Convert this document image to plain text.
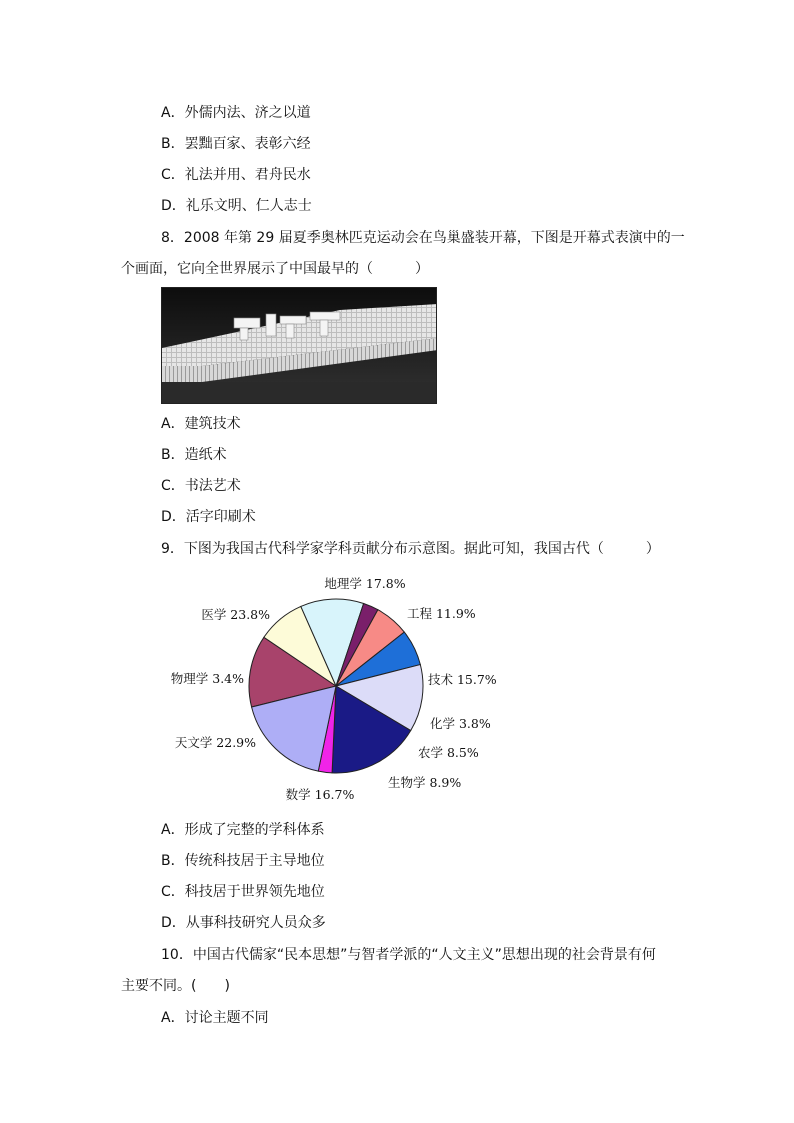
A．外儒内法、济之以道
B．罢黜百家、表彰六经
C．礼法并用、君舟民水
D．礼乐文明、仁人志士
8．2008 年第 29 届夏季奥林匹克运动会在鸟巢盛装开幕，下图是开幕式表演中的一
个画面，它向全世界展示了中国最早的（　　　）
A．建筑技术
B．造纸术
C．书法艺术
D．活字印刷术
9．下图为我国古代科学家学科贡献分布示意图。据此可知，我国古代（　　　）
地理学 17.8%
工程 11.9%
技术 15.7%
化学 3.8%
农学 8.5%
生物学 8.9%
数学 16.7%
天文学 22.9%
物理学 3.4%
医学 23.8%
A．形成了完整的学科体系
B．传统科技居于主导地位
C．科技居于世界领先地位
D．从事科技研究人员众多
10．中国古代儒家“民本思想”与智者学派的“人文主义”思想出现的社会背景有何
主要不同。(　　)
A．讨论主题不同
